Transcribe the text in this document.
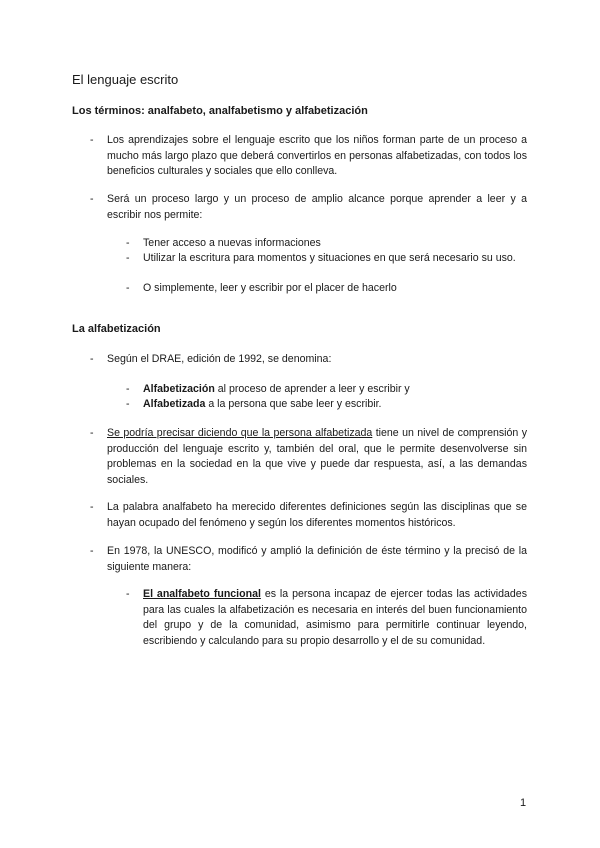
El lenguaje escrito
Los términos: analfabeto, analfabetismo y alfabetización
- Los aprendizajes sobre el lenguaje escrito que los niños forman parte de un proceso a mucho más largo plazo que deberá convertirlos en personas alfabetizadas, con todos los beneficios culturales y sociales que ello conlleva.
- Será un proceso largo y un proceso de amplio alcance porque aprender a leer y a escribir nos permite:
- Tener acceso a nuevas informaciones
- Utilizar la escritura para momentos y situaciones en que será necesario su uso.
- O simplemente, leer y escribir por el placer de hacerlo
La alfabetización
- Según el DRAE, edición de 1992, se denomina:
- Alfabetización al proceso de aprender a leer y escribir y
- Alfabetizada a la persona que sabe leer y escribir.
- Se podría precisar diciendo que la persona alfabetizada tiene un nivel de comprensión y producción del lenguaje escrito y, también del oral, que le permite desenvolverse sin problemas en la sociedad en la que vive y puede dar respuesta, así, a las demandas sociales.
- La palabra analfabeto ha merecido diferentes definiciones según las disciplinas que se hayan ocupado del fenómeno y según los diferentes momentos históricos.
- En 1978, la UNESCO, modificó y amplió la definición de éste término y la precisó de la siguiente manera:
- El analfabeto funcional es la persona incapaz de ejercer todas las actividades para las cuales la alfabetización es necesaria en interés del buen funcionamiento del grupo y de la comunidad, asimismo para permitirle continuar leyendo, escribiendo y calculando para su propio desarrollo y el de su comunidad.
1
